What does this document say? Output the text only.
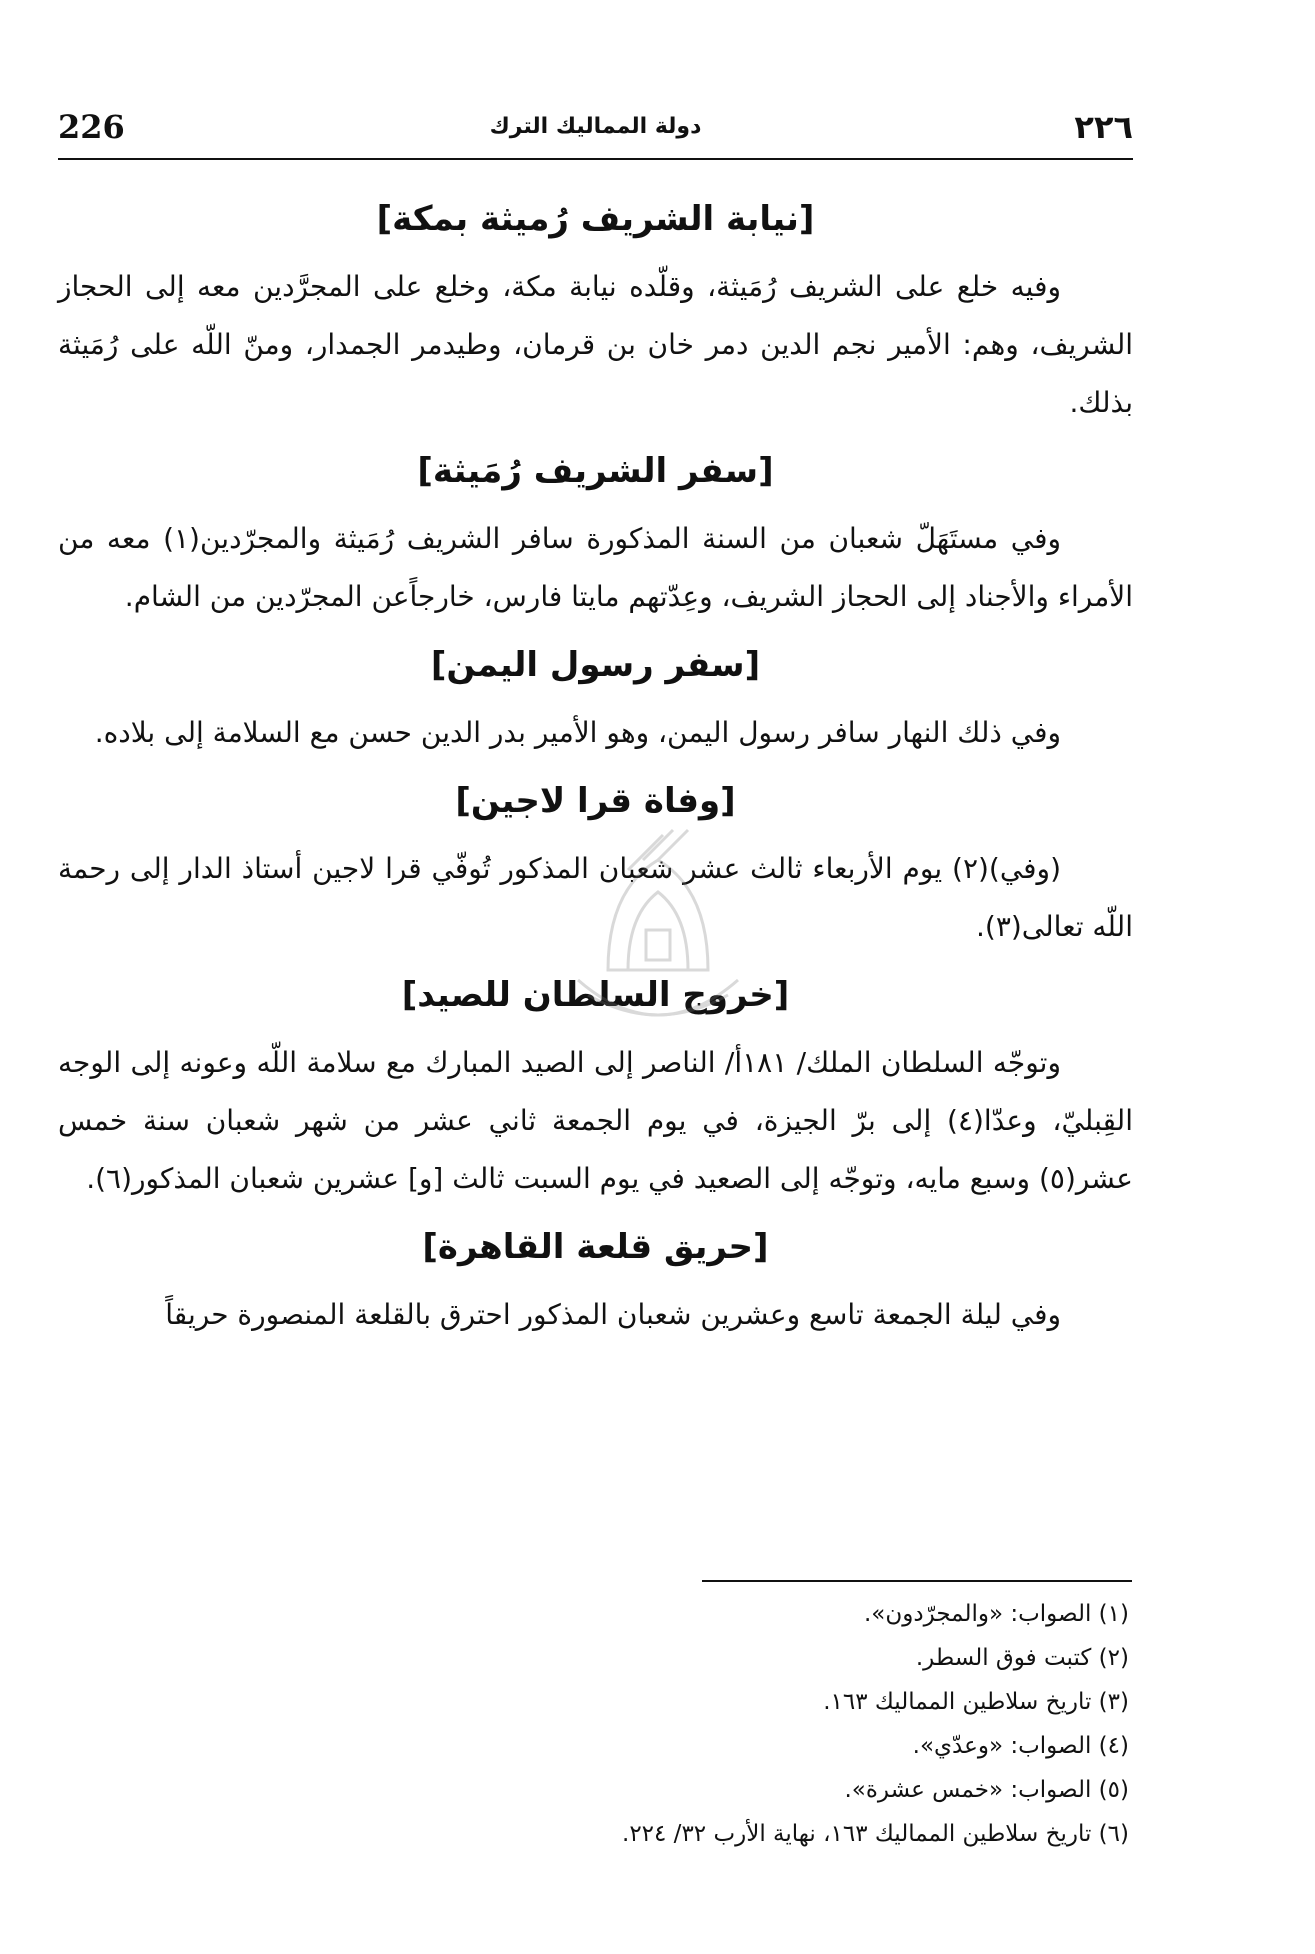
226	دولة المماليك الترك	٢٢٦
[نيابة الشريف رُميثة بمكة]

وفيه خلع على الشريف رُمَيثة، وقلّده نيابة مكة، وخلع على المجرَّدين معه إلى الحجاز الشريف، وهم: الأمير نجم الدين دمر خان بن قرمان، وطيدمر الجمدار، ومنّ اللّه على رُمَيثة بذلك.

[سفر الشريف رُمَيثة]

وفي مستَهَلّ شعبان من السنة المذكورة سافر الشريف رُمَيثة والمجرّدين(١) معه من الأمراء والأجناد إلى الحجاز الشريف، وعِدّتهم مايتا فارس، خارجاًعن المجرّدين من الشام.

[سفر رسول اليمن]

وفي ذلك النهار سافر رسول اليمن، وهو الأمير بدر الدين حسن مع السلامة إلى بلاده.

[وفاة قرا لاجين]

(وفي)(٢) يوم الأربعاء ثالث عشر شعبان المذكور تُوفّي قرا لاجين أستاذ الدار إلى رحمة اللّه تعالى(٣).

[خروج السلطان للصيد]

وتوجّه السلطان الملك/ ١٨١أ/ الناصر إلى الصيد المبارك مع سلامة اللّه وعونه إلى الوجه القِبليّ، وعدّا(٤) إلى برّ الجيزة، في يوم الجمعة ثاني عشر من شهر شعبان سنة خمس عشر(٥) وسبع مايه، وتوجّه إلى الصعيد في يوم السبت ثالث [و] عشرين شعبان المذكور(٦).

[حريق قلعة القاهرة]

وفي ليلة الجمعة تاسع وعشرين شعبان المذكور احترق بالقلعة المنصورة حريقاً

(١) الصواب: «والمجرّدون».

(٢) كتبت فوق السطر.

(٣) تاريخ سلاطين المماليك ١٦٣.

(٤) الصواب: «وعدّي».

(٥) الصواب: «خمس عشرة».

(٦) تاريخ سلاطين المماليك ١٦٣، نهاية الأرب ٣٢/ ٢٢٤.
